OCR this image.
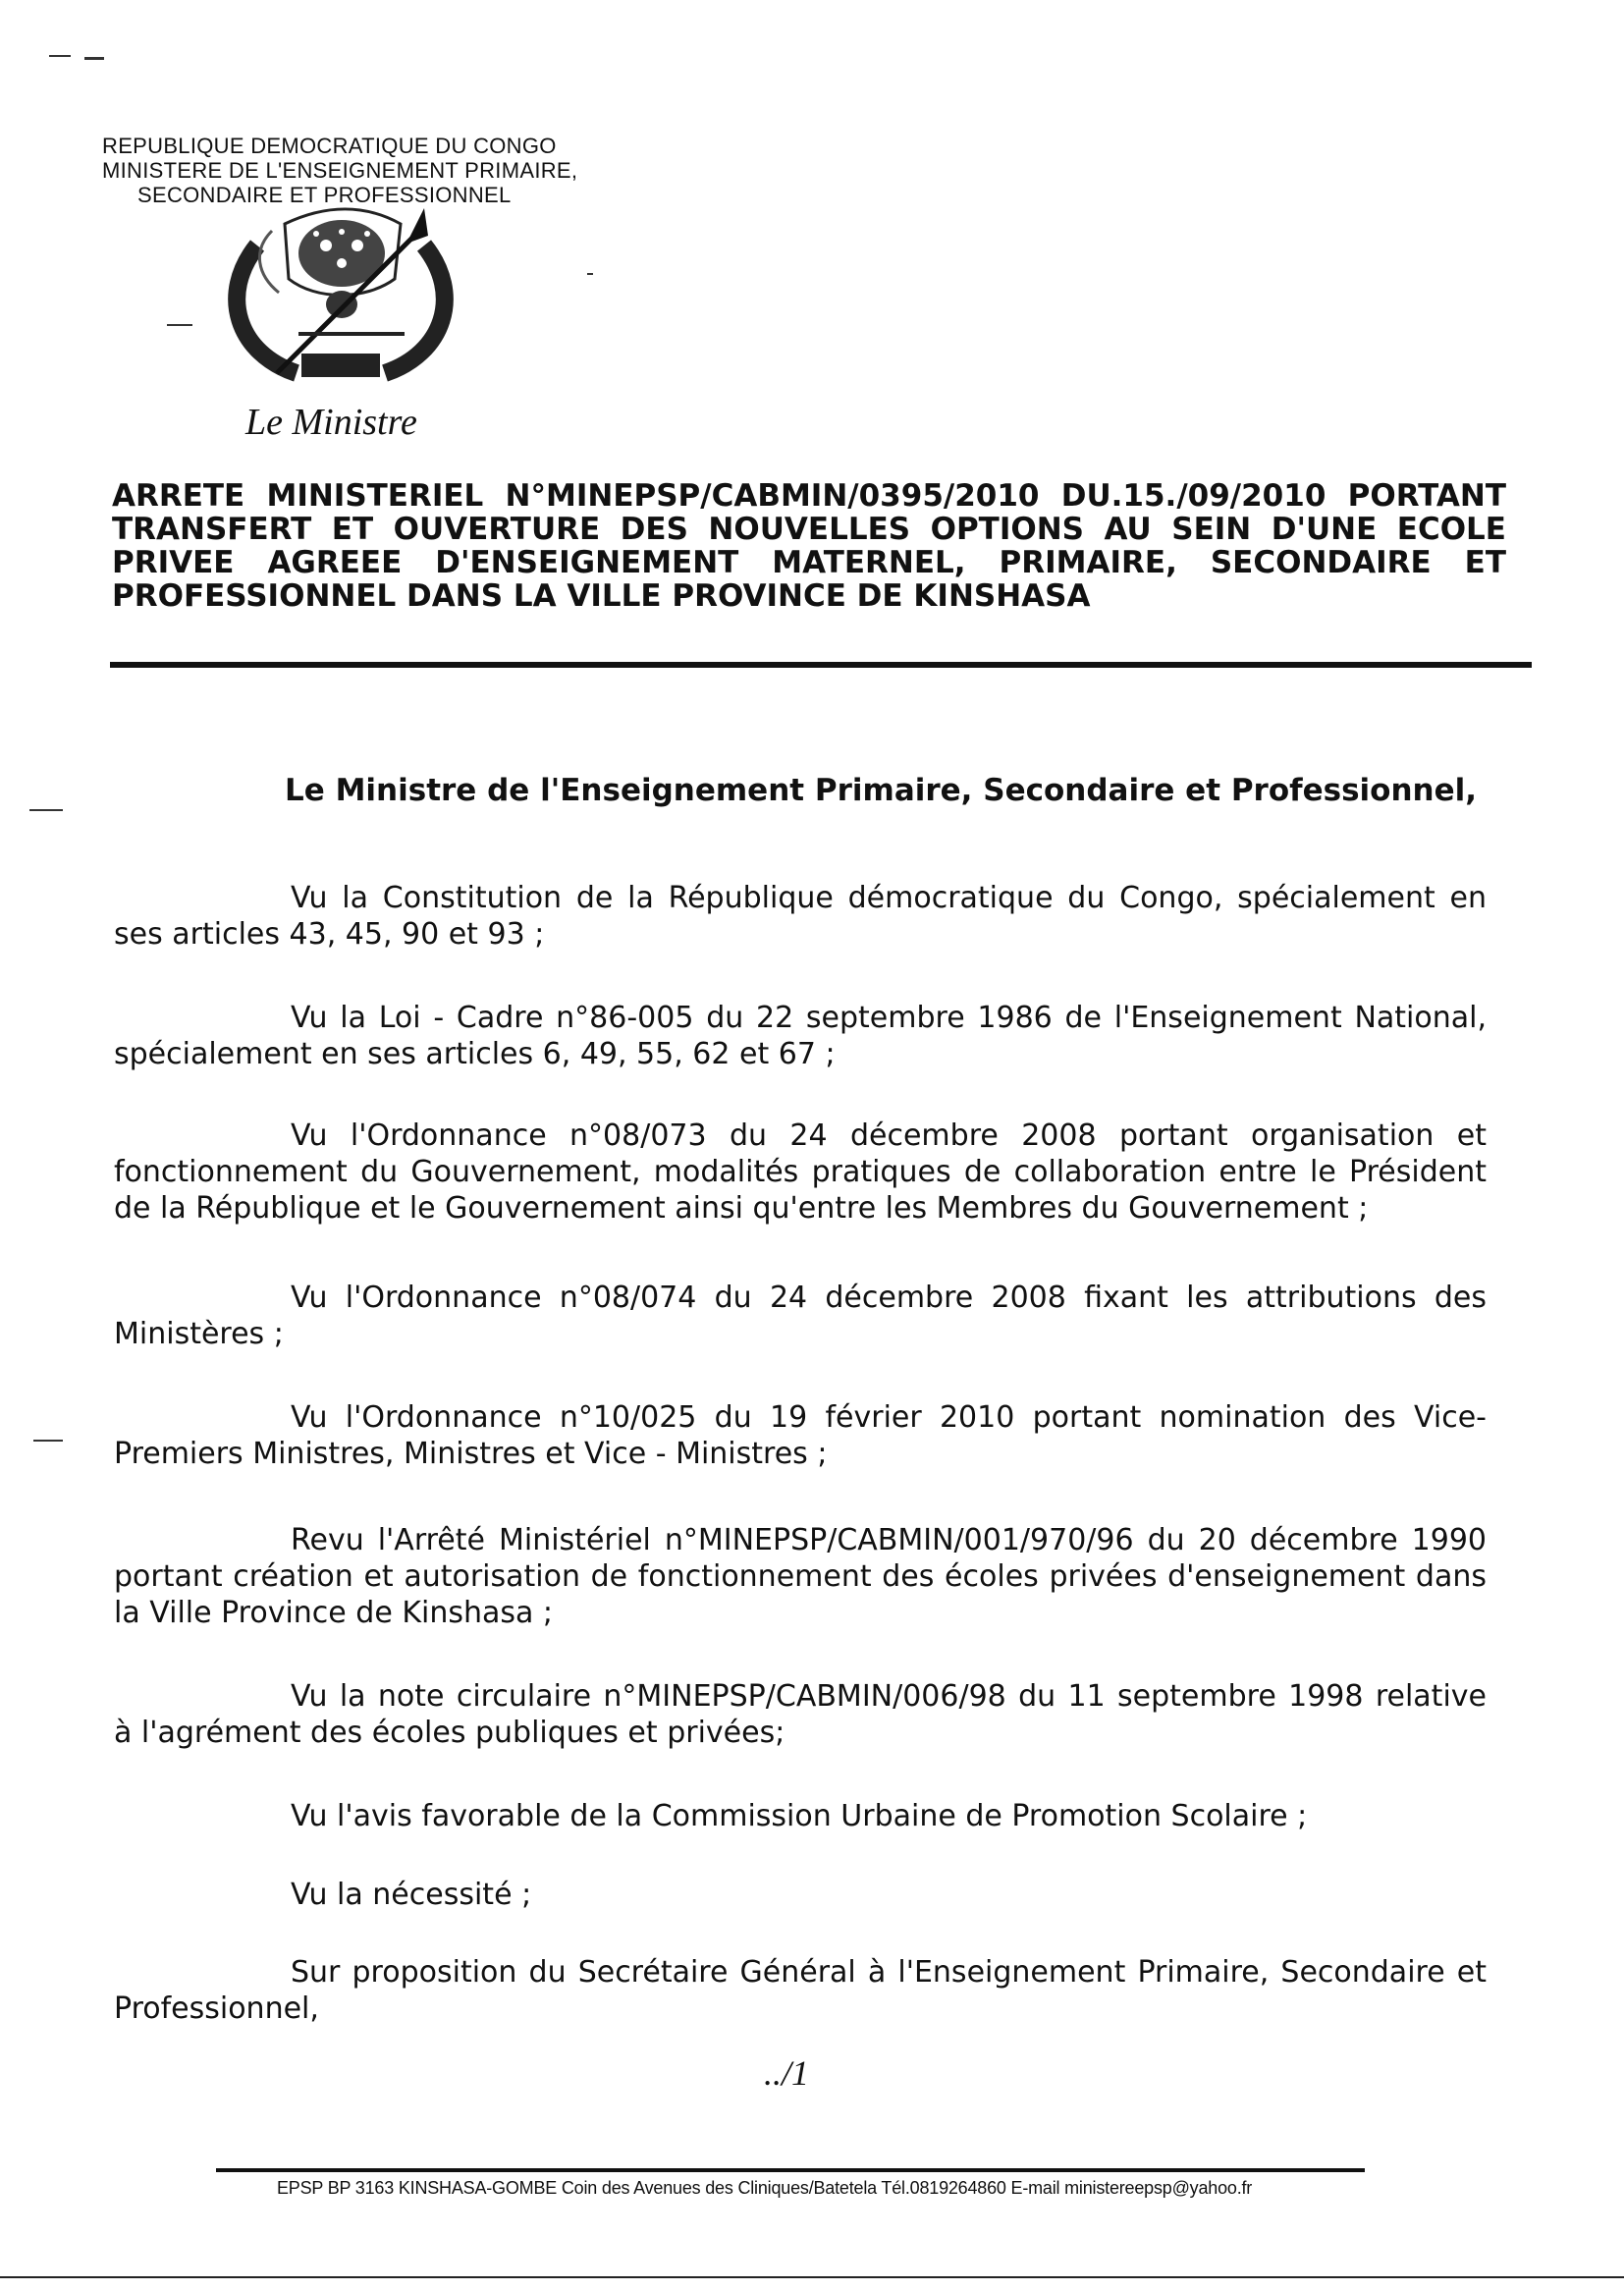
REPUBLIQUE DEMOCRATIQUE DU CONGO
MINISTERE DE L'ENSEIGNEMENT PRIMAIRE,
SECONDAIRE ET PROFESSIONNEL
Le Ministre
ARRETE MINISTERIEL N°MINEPSP/CABMIN/0395/2010 DU.15./09/2010 PORTANT
TRANSFERT ET OUVERTURE DES NOUVELLES OPTIONS AU SEIN D'UNE ECOLE
PRIVEE AGREEE D'ENSEIGNEMENT MATERNEL, PRIMAIRE, SECONDAIRE ET
PROFESSIONNEL DANS LA VILLE PROVINCE DE KINSHASA
Le Ministre de l'Enseignement Primaire, Secondaire et Professionnel,

Vu la Constitution de la République démocratique du Congo, spécialement en ses articles 43, 45, 90 et 93 ;

Vu la Loi - Cadre n°86-005 du 22 septembre 1986 de l'Enseignement National, spécialement en ses articles 6, 49, 55, 62 et 67 ;

Vu l'Ordonnance n°08/073 du 24 décembre 2008 portant organisation et fonctionnement du Gouvernement, modalités pratiques de collaboration entre le Président de la République et le Gouvernement ainsi qu'entre les Membres du Gouvernement ;

Vu l'Ordonnance n°08/074 du 24 décembre 2008 fixant les attributions des Ministères ;

Vu l'Ordonnance n°10/025 du 19 février 2010 portant nomination des Vice-Premiers Ministres, Ministres et Vice - Ministres ;

Revu l'Arrêté Ministériel n°MINEPSP/CABMIN/001/970/96 du 20 décembre 1990 portant création et autorisation de fonctionnement des écoles privées d'enseignement dans la Ville Province de Kinshasa ;

Vu la note circulaire n°MINEPSP/CABMIN/006/98 du 11 septembre 1998 relative à l'agrément des écoles publiques et privées;

Vu l'avis favorable de la Commission Urbaine de Promotion Scolaire ;

Vu la nécessité ;

Sur proposition du Secrétaire Général à l'Enseignement Primaire, Secondaire et Professionnel,

../1
EPSP BP 3163 KINSHASA-GOMBE Coin des Avenues des Cliniques/Batetela Tél.0819264860 E-mail ministereepsp@yahoo.fr
